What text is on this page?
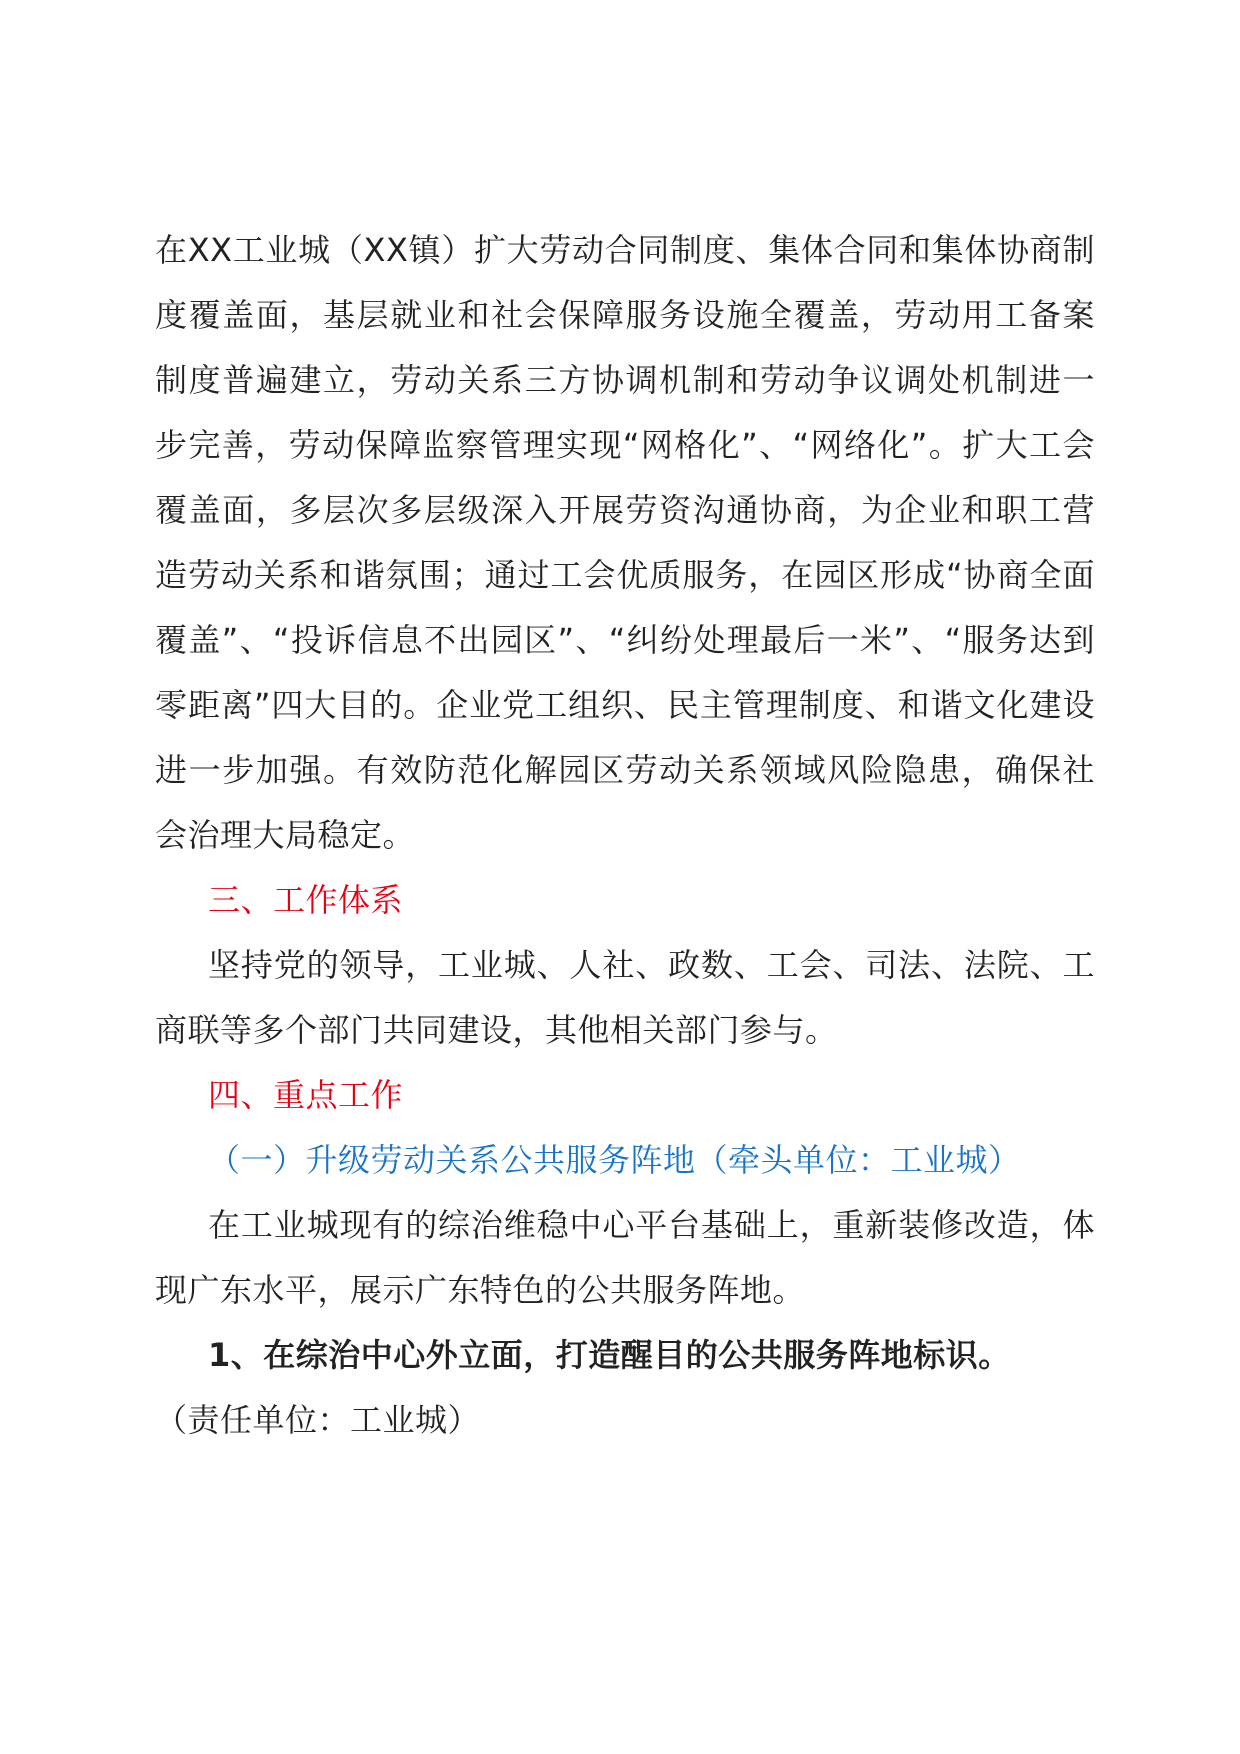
在XX工业城（XX镇）扩大劳动合同制度、集体合同和集体协商制度覆盖面，基层就业和社会保障服务设施全覆盖，劳动用工备案制度普遍建立，劳动关系三方协调机制和劳动争议调处机制进一步完善，劳动保障监察管理实现“网格化”、“网络化”。扩大工会覆盖面，多层次多层级深入开展劳资沟通协商，为企业和职工营造劳动关系和谐氛围；通过工会优质服务，在园区形成“协商全面覆盖”、“投诉信息不出园区”、“纠纷处理最后一米”、“服务达到零距离”四大目的。企业党工组织、民主管理制度、和谐文化建设进一步加强。有效防范化解园区劳动关系领域风险隐患，确保社会治理大局稳定。

三、工作体系

坚持党的领导，工业城、人社、政数、工会、司法、法院、工商联等多个部门共同建设，其他相关部门参与。

四、重点工作

（一）升级劳动关系公共服务阵地（牵头单位：工业城）

在工业城现有的综治维稳中心平台基础上，重新装修改造，体现广东水平，展示广东特色的公共服务阵地。

1、在综治中心外立面，打造醒目的公共服务阵地标识。

（责任单位：工业城）
